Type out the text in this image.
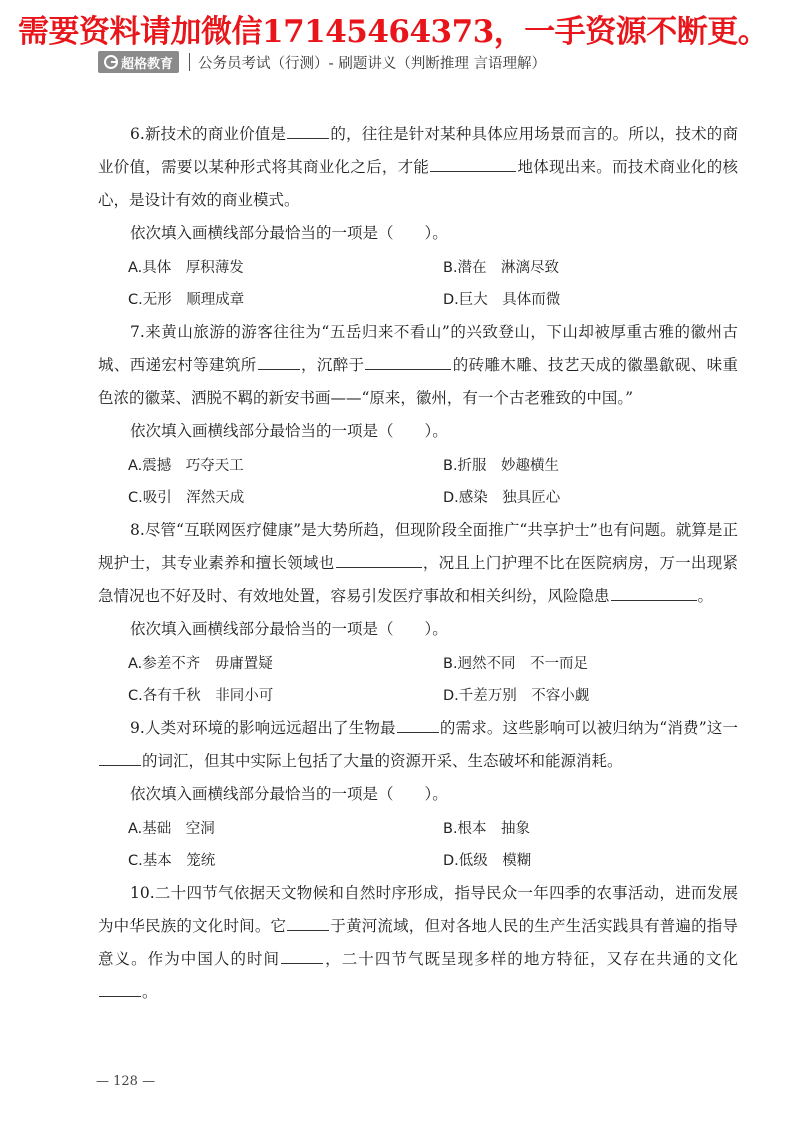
需要资料请加微信17145464373，一手资源不断更。
超格教育 公务员考试（行测）- 刷题讲义（判断推理 言语理解）

6.新技术的商业价值是	的，往往是针对某种具体应用场景而言的。所以，技术的商业价值，需要以某种形式将其商业化之后，才能	地体现出来。而技术商业化的核心，是设计有效的商业模式。

依次填入画横线部分最恰当的一项是（　　）。

A.具体　厚积薄发	B.潜在　淋漓尽致
C.无形　顺理成章	D.巨大　具体而微

7.来黄山旅游的游客往往为“五岳归来不看山”的兴致登山，下山却被厚重古雅的徽州古城、西递宏村等建筑所	，沉醉于	的砖雕木雕、技艺天成的徽墨歙砚、味重色浓的徽菜、洒脱不羁的新安书画——“原来，徽州，有一个古老雅致的中国。”

依次填入画横线部分最恰当的一项是（　　）。

A.震撼　巧夺天工	B.折服　妙趣横生
C.吸引　浑然天成	D.感染　独具匠心

8.尽管“互联网医疗健康”是大势所趋，但现阶段全面推广“共享护士”也有问题。就算是正规护士，其专业素养和擅长领域也	，况且上门护理不比在医院病房，万一出现紧急情况也不好及时、有效地处置，容易引发医疗事故和相关纠纷，风险隐患	。

依次填入画横线部分最恰当的一项是（　　）。

A.参差不齐　毋庸置疑	B.迥然不同　不一而足
C.各有千秋　非同小可	D.千差万别　不容小觑

9.人类对环境的影响远远超出了生物最	的需求。这些影响可以被归纳为“消费”这一的词汇，但其中实际上包括了大量的资源开采、生态破坏和能源消耗。

依次填入画横线部分最恰当的一项是（　　）。

A.基础　空洞	B.根本　抽象
C.基本　笼统	D.低级　模糊

10.二十四节气依据天文物候和自然时序形成，指导民众一年四季的农事活动，进而发展为中华民族的文化时间。它	于黄河流域，但对各地人民的生产生活实践具有普遍的指导意义。作为中国人的时间	，二十四节气既呈现多样的地方特征，又存在共通的文化。

— 128 —
